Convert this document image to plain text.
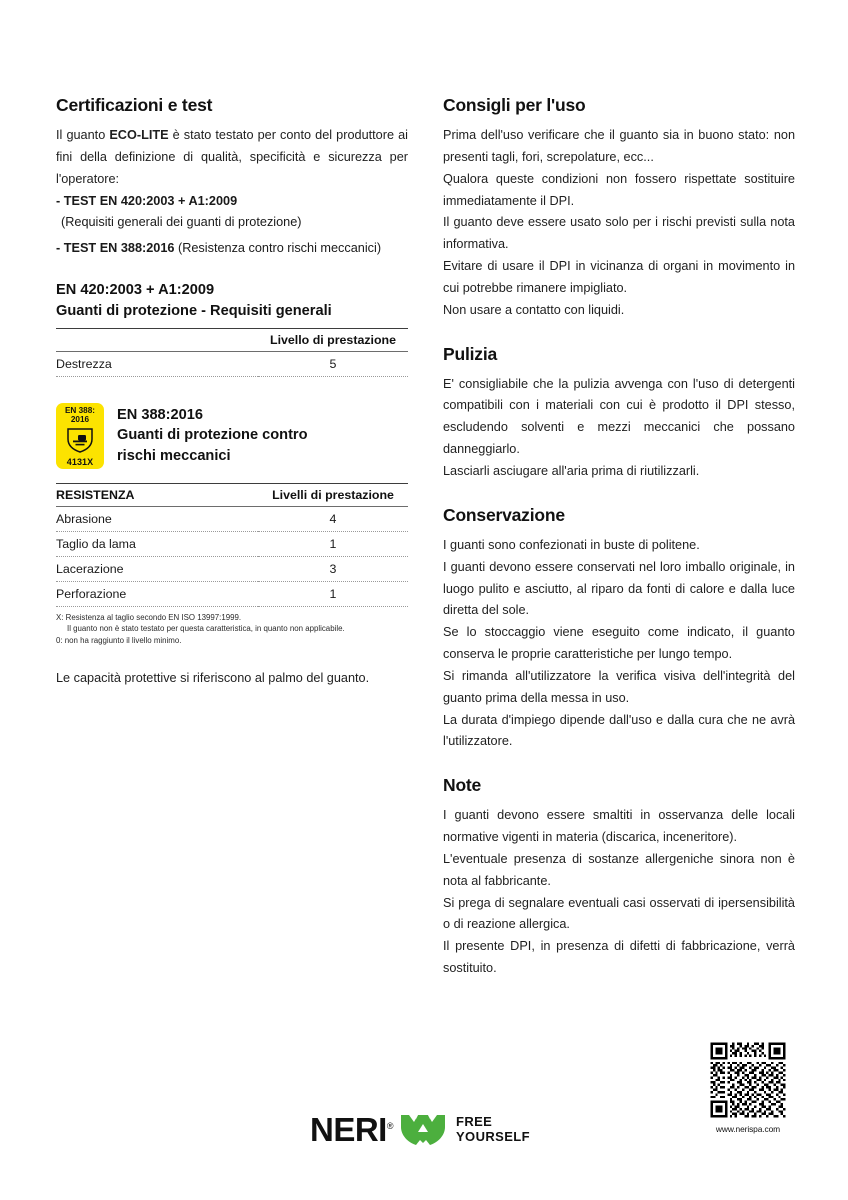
Certificazioni e test

Il guanto ECO-LITE è stato testato per conto del produttore ai fini della definizione di qualità, specificità e sicurezza per l'operatore:

- TEST EN 420:2003 + A1:2009
(Requisiti generali dei guanti di protezione)
- TEST EN 388:2016 (Resistenza contro rischi meccanici)
EN 420:2003 + A1:2009
Guanti di protezione - Requisiti generali
	Livello di prestazione
Destrezza	5
EN 388:
2016
4131X
EN 388:2016
Guanti di protezione contro
rischi meccanici
RESISTENZA	Livelli di prestazione
Abrasione	4
Taglio da lama	1
Lacerazione	3
Perforazione	1
X: Resistenza al taglio secondo EN ISO 13997:1999.
Il guanto non è stato testato per questa caratteristica, in quanto non applicabile.
0: non ha raggiunto il livello minimo.
Le capacità protettive si riferiscono al palmo del guanto.
Consigli per l'uso

Prima dell'uso verificare che il guanto sia in buono stato: non presenti tagli, fori, screpolature, ecc...

Qualora queste condizioni non fossero rispettate sostituire immediatamente il DPI.

Il guanto deve essere usato solo per i rischi previsti sulla nota informativa.

Evitare di usare il DPI in vicinanza di organi in movimento in cui potrebbe rimanere impigliato.

Non usare a contatto con liquidi.

Pulizia

E' consigliabile che la pulizia avvenga con l'uso di detergenti compatibili con i materiali con cui è prodotto il DPI stesso, escludendo solventi e mezzi meccanici che possano danneggiarlo.

Lasciarli asciugare all'aria prima di riutilizzarli.

Conservazione

I guanti sono confezionati in buste di politene.

I guanti devono essere conservati nel loro imballo originale, in luogo pulito e asciutto, al riparo da fonti di calore e dalla luce diretta del sole.

Se lo stoccaggio viene eseguito come indicato, il guanto conserva le proprie caratteristiche per lungo tempo.

Si rimanda all'utilizzatore la verifica visiva dell'integrità del guanto prima della messa in uso.

La durata d'impiego dipende dall'uso e dalla cura che ne avrà l'utilizzatore.

Note

I guanti devono essere smaltiti in osservanza delle locali normative vigenti in materia (discarica, inceneritore).

L'eventuale presenza di sostanze allergeniche sinora non è nota al fabbricante.

Si prega di segnalare eventuali casi osservati di ipersensibilità o di reazione allergica.

Il presente DPI, in presenza di difetti di fabbricazione, verrà sostituito.

NERI®	FREE
YOURSELF	www.nerispa.com
